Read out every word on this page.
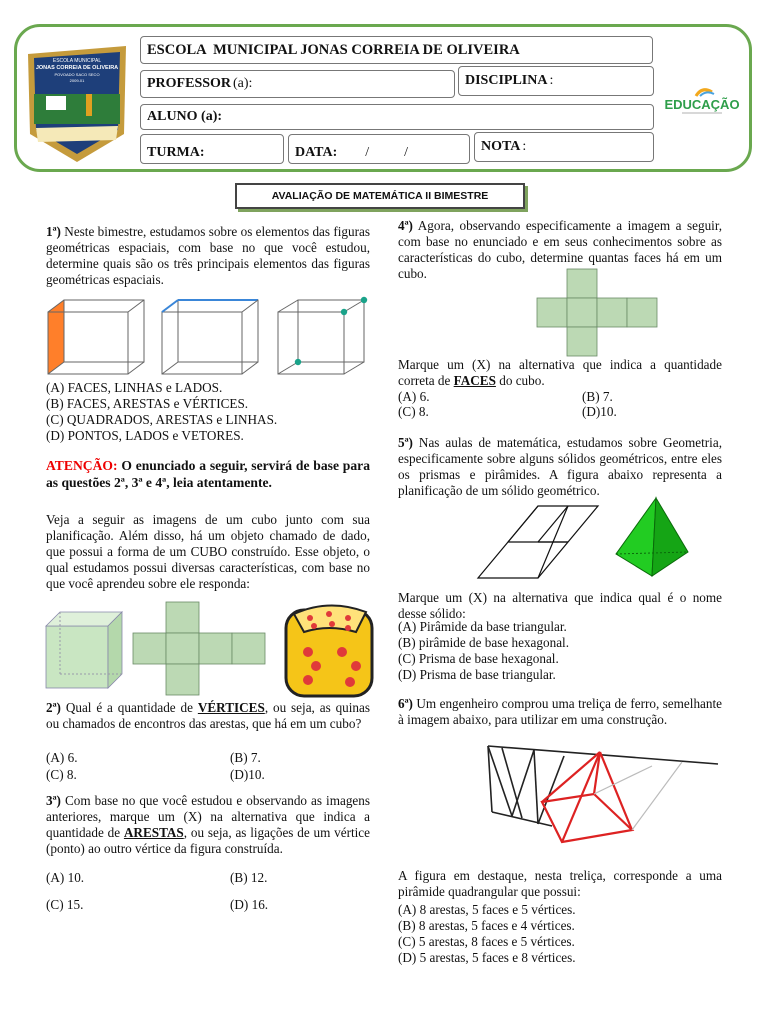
ESCOLA MUNICIPAL
JONAS CORREIA DE OLIVEIRA
POVOADO SACO SECO
2009-01
ESCOLA  MUNICIPAL JONAS CORREIA DE OLIVEIRA
PROFESSOR (a):	DISCIPLINA :
ALUNO (a):
TURMA:	DATA: /          /	NOTA :
EDUCAÇÃO
AVALIAÇÃO DE MATEMÁTICA II BIMESTRE
1ª) Neste bimestre, estudamos sobre os elementos das figuras geométricas espaciais, com base no que você estudou, determine quais são os três principais elementos das figuras geométricas espaciais.
(A) FACES, LINHAS e LADOS.
(B) FACES, ARESTAS e VÉRTICES.
(C) QUADRADOS, ARESTAS e LINHAS.
(D) PONTOS, LADOS e VETORES.
ATENÇÃO: O enunciado a seguir, servirá de base para as questões 2ª, 3ª e 4ª, leia atentamente.
Veja a seguir as imagens de um cubo junto com sua planificação. Além disso, há um objeto chamado de dado, que possui a forma de um CUBO construído. Esse objeto, o qual estudamos possui diversas características, com base no que você aprendeu sobre ele responda:
2ª) Qual é a quantidade de VÉRTICES, ou seja, as quinas ou chamados de encontros das arestas, que há em um cubo?
(A) 6.	(B) 7.
(C) 8.	(D)10.
3ª) Com base no que você estudou e observando as imagens anteriores, marque um (X) na alternativa que indica a quantidade de ARESTAS, ou seja, as ligações de um vértice (ponto) ao outro vértice da figura construída.
(A) 10.	(B) 12.
(C) 15.	(D) 16.
4ª) Agora, observando especificamente a imagem a seguir, com base no enunciado e em seus conhecimentos sobre as características do cubo, determine quantas faces há em um cubo.
Marque um (X) na alternativa que indica a quantidade correta de FACES do cubo.
(A) 6.	(B) 7.
(C) 8.	(D)10.
5ª) Nas aulas de matemática, estudamos sobre Geometria, especificamente sobre alguns sólidos geométricos, entre eles os prismas e pirâmides. A figura abaixo representa a planificação de um sólido geométrico.
Marque um (X) na alternativa que indica qual é o nome desse sólido:
(A) Pirâmide da base triangular.
(B) pirâmide de base hexagonal.
(C) Prisma de base hexagonal.
(D) Prisma de base triangular.
6ª) Um engenheiro comprou uma treliça de ferro, semelhante à imagem abaixo, para utilizar em uma construção.
A figura em destaque, nesta treliça, corresponde a uma pirâmide quadrangular que possui:
(A) 8 arestas, 5 faces e 5 vértices.
(B) 8 arestas, 5 faces e 4 vértices.
(C) 5 arestas, 8 faces e 5 vértices.
(D) 5 arestas, 5 faces e 8 vértices.
